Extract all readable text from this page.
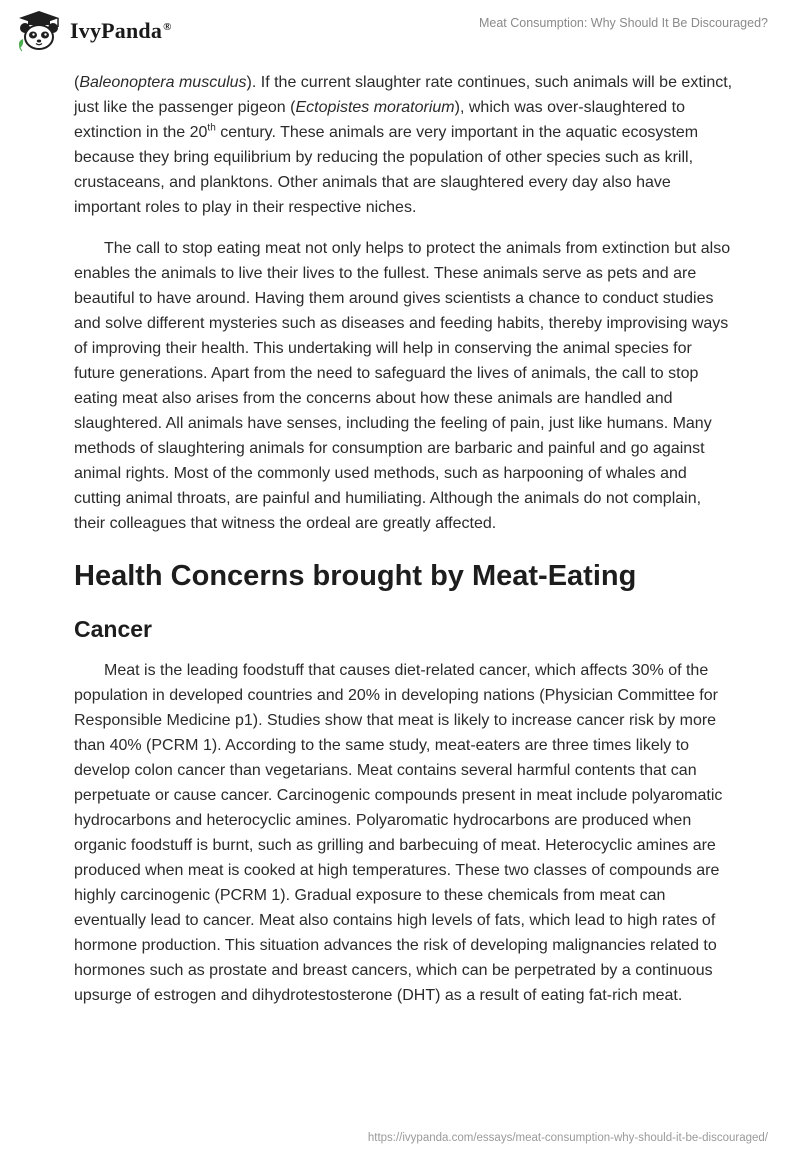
IvyPanda®	Meat Consumption: Why Should It Be Discouraged?

(Baleonoptera musculus). If the current slaughter rate continues, such animals will be extinct, just like the passenger pigeon (Ectopistes moratorium), which was over-slaughtered to extinction in the 20th century. These animals are very important in the aquatic ecosystem because they bring equilibrium by reducing the population of other species such as krill, crustaceans, and planktons. Other animals that are slaughtered every day also have important roles to play in their respective niches.

The call to stop eating meat not only helps to protect the animals from extinction but also enables the animals to live their lives to the fullest. These animals serve as pets and are beautiful to have around. Having them around gives scientists a chance to conduct studies and solve different mysteries such as diseases and feeding habits, thereby improvising ways of improving their health. This undertaking will help in conserving the animal species for future generations. Apart from the need to safeguard the lives of animals, the call to stop eating meat also arises from the concerns about how these animals are handled and slaughtered. All animals have senses, including the feeling of pain, just like humans. Many methods of slaughtering animals for consumption are barbaric and painful and go against animal rights. Most of the commonly used methods, such as harpooning of whales and cutting animal throats, are painful and humiliating. Although the animals do not complain, their colleagues that witness the ordeal are greatly affected.

Health Concerns brought by Meat-Eating
Cancer

Meat is the leading foodstuff that causes diet-related cancer, which affects 30% of the population in developed countries and 20% in developing nations (Physician Committee for Responsible Medicine p1). Studies show that meat is likely to increase cancer risk by more than 40% (PCRM 1). According to the same study, meat-eaters are three times likely to develop colon cancer than vegetarians. Meat contains several harmful contents that can perpetuate or cause cancer. Carcinogenic compounds present in meat include polyaromatic hydrocarbons and heterocyclic amines. Polyaromatic hydrocarbons are produced when organic foodstuff is burnt, such as grilling and barbecuing of meat. Heterocyclic amines are produced when meat is cooked at high temperatures. These two classes of compounds are highly carcinogenic (PCRM 1). Gradual exposure to these chemicals from meat can eventually lead to cancer. Meat also contains high levels of fats, which lead to high rates of hormone production. This situation advances the risk of developing malignancies related to hormones such as prostate and breast cancers, which can be perpetrated by a continuous upsurge of estrogen and dihydrotestosterone (DHT) as a result of eating fat-rich meat.

https://ivypanda.com/essays/meat-consumption-why-should-it-be-discouraged/
